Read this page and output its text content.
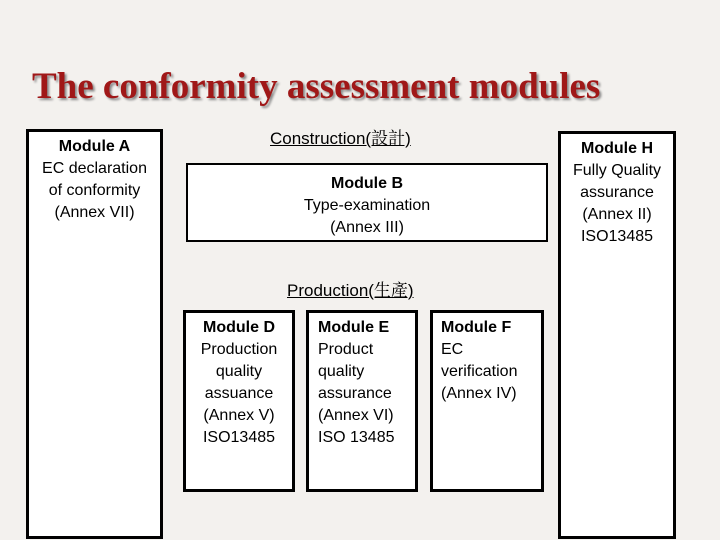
The conformity assessment modules
Module A
EC declaration
of conformity
(Annex VII)
Construction(設計)
Module B
Type-examination
(Annex III)
Module H
Fully Quality
assurance
(Annex II)
ISO13485
Production(生產)
Module D
Production
quality
assuance
(Annex V)
ISO13485
Module E
Product
quality
assurance
(Annex VI)
ISO 13485
Module F
EC
verification
(Annex IV)
